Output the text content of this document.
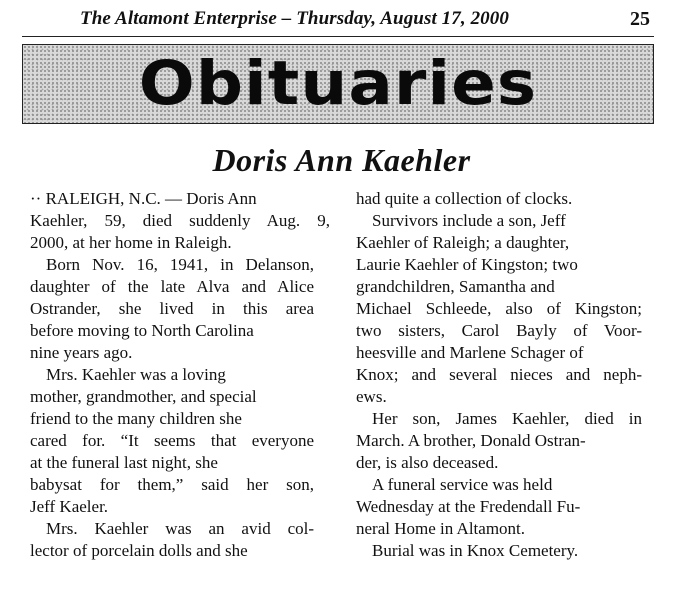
The Altamont Enterprise – Thursday, August 17, 2000	25
Obituaries
Doris Ann Kaehler

·· RALEIGH, N.C. — Doris Ann
Kaehler, 59, died suddenly Aug. 9,
2000, at her home in Raleigh.

Born Nov. 16, 1941, in Delanson,
daughter of the late Alva and Alice
Ostrander, she lived in this area
before moving to North Carolina
nine years ago.

Mrs. Kaehler was a loving
mother, grandmother, and special
friend to the many children she
cared for. “It seems that everyone
at the funeral last night, she
babysat for them,” said her son,
Jeff Kaeler.

Mrs. Kaehler was an avid col-
lector of porcelain dolls and she

had quite a collection of clocks.

Survivors include a son, Jeff
Kaehler of Raleigh; a daughter,
Laurie Kaehler of Kingston; two
grandchildren, Samantha and
Michael Schleede, also of Kingston;
two sisters, Carol Bayly of Voor-
heesville and Marlene Schager of
Knox; and several nieces and neph-
ews.

Her son, James Kaehler, died in
March. A brother, Donald Ostran-
der, is also deceased.

A funeral service was held
Wednesday at the Fredendall Fu-
neral Home in Altamont.

Burial was in Knox Cemetery.
